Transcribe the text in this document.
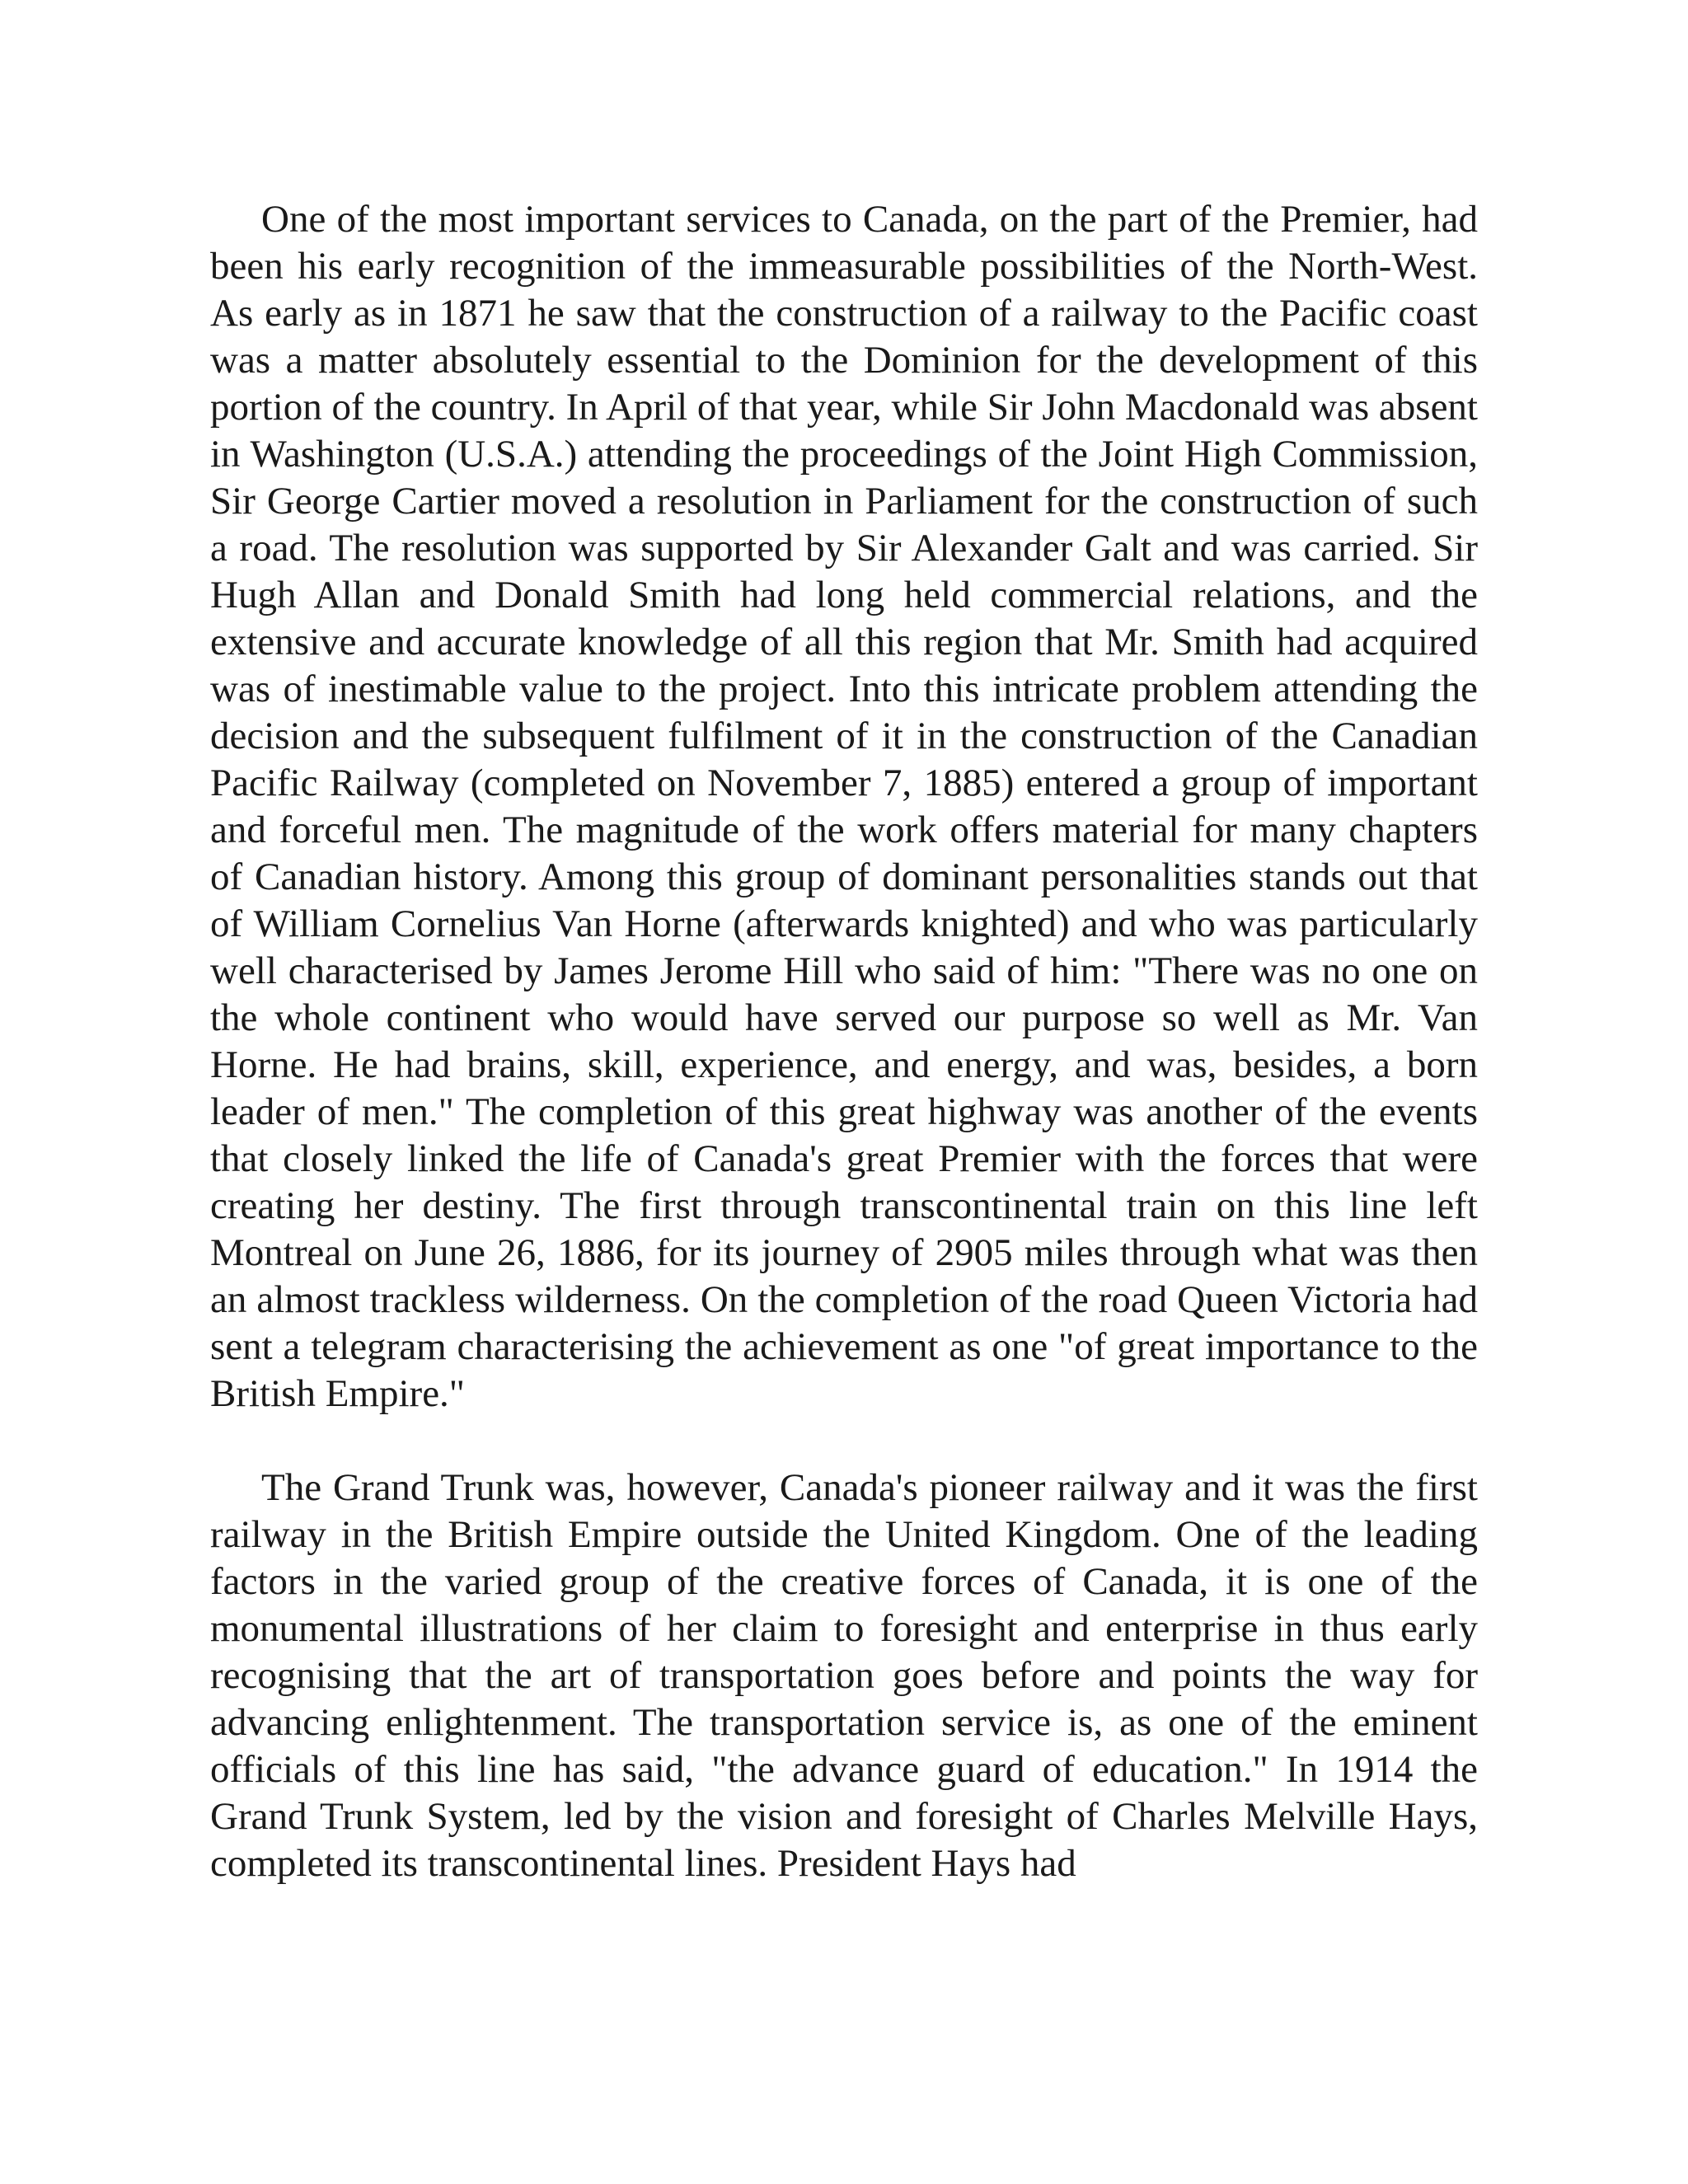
One of the most important services to Canada, on the part of the Premier, had been his early recognition of the immeasurable possibilities of the North-West. As early as in 1871 he saw that the construction of a railway to the Pacific coast was a matter absolutely essential to the Dominion for the development of this portion of the country. In April of that year, while Sir John Macdonald was absent in Washington (U.S.A.) attending the proceedings of the Joint High Commission, Sir George Cartier moved a resolution in Parliament for the construction of such a road. The resolution was supported by Sir Alexander Galt and was carried. Sir Hugh Allan and Donald Smith had long held commercial relations, and the extensive and accurate knowledge of all this region that Mr. Smith had acquired was of inestimable value to the project. Into this intricate problem attending the decision and the subsequent fulfilment of it in the construction of the Canadian Pacific Railway (completed on November 7, 1885) entered a group of important and forceful men. The magnitude of the work offers material for many chapters of Canadian history. Among this group of dominant personalities stands out that of William Cornelius Van Horne (afterwards knighted) and who was particularly well characterised by James Jerome Hill who said of him: "There was no one on the whole continent who would have served our purpose so well as Mr. Van Horne. He had brains, skill, experience, and energy, and was, besides, a born leader of men." The completion of this great highway was another of the events that closely linked the life of Canada's great Premier with the forces that were creating her destiny. The first through transcontinental train on this line left Montreal on June 26, 1886, for its journey of 2905 miles through what was then an almost trackless wilderness. On the completion of the road Queen Victoria had sent a telegram characterising the achievement as one "of great importance to the British Empire."

The Grand Trunk was, however, Canada's pioneer railway and it was the first railway in the British Empire outside the United Kingdom. One of the leading factors in the varied group of the creative forces of Canada, it is one of the monumental illustrations of her claim to foresight and enterprise in thus early recognising that the art of transportation goes before and points the way for advancing enlightenment. The transportation service is, as one of the eminent officials of this line has said, "the advance guard of education." In 1914 the Grand Trunk System, led by the vision and foresight of Charles Melville Hays, completed its transcontinental lines. President Hays had
